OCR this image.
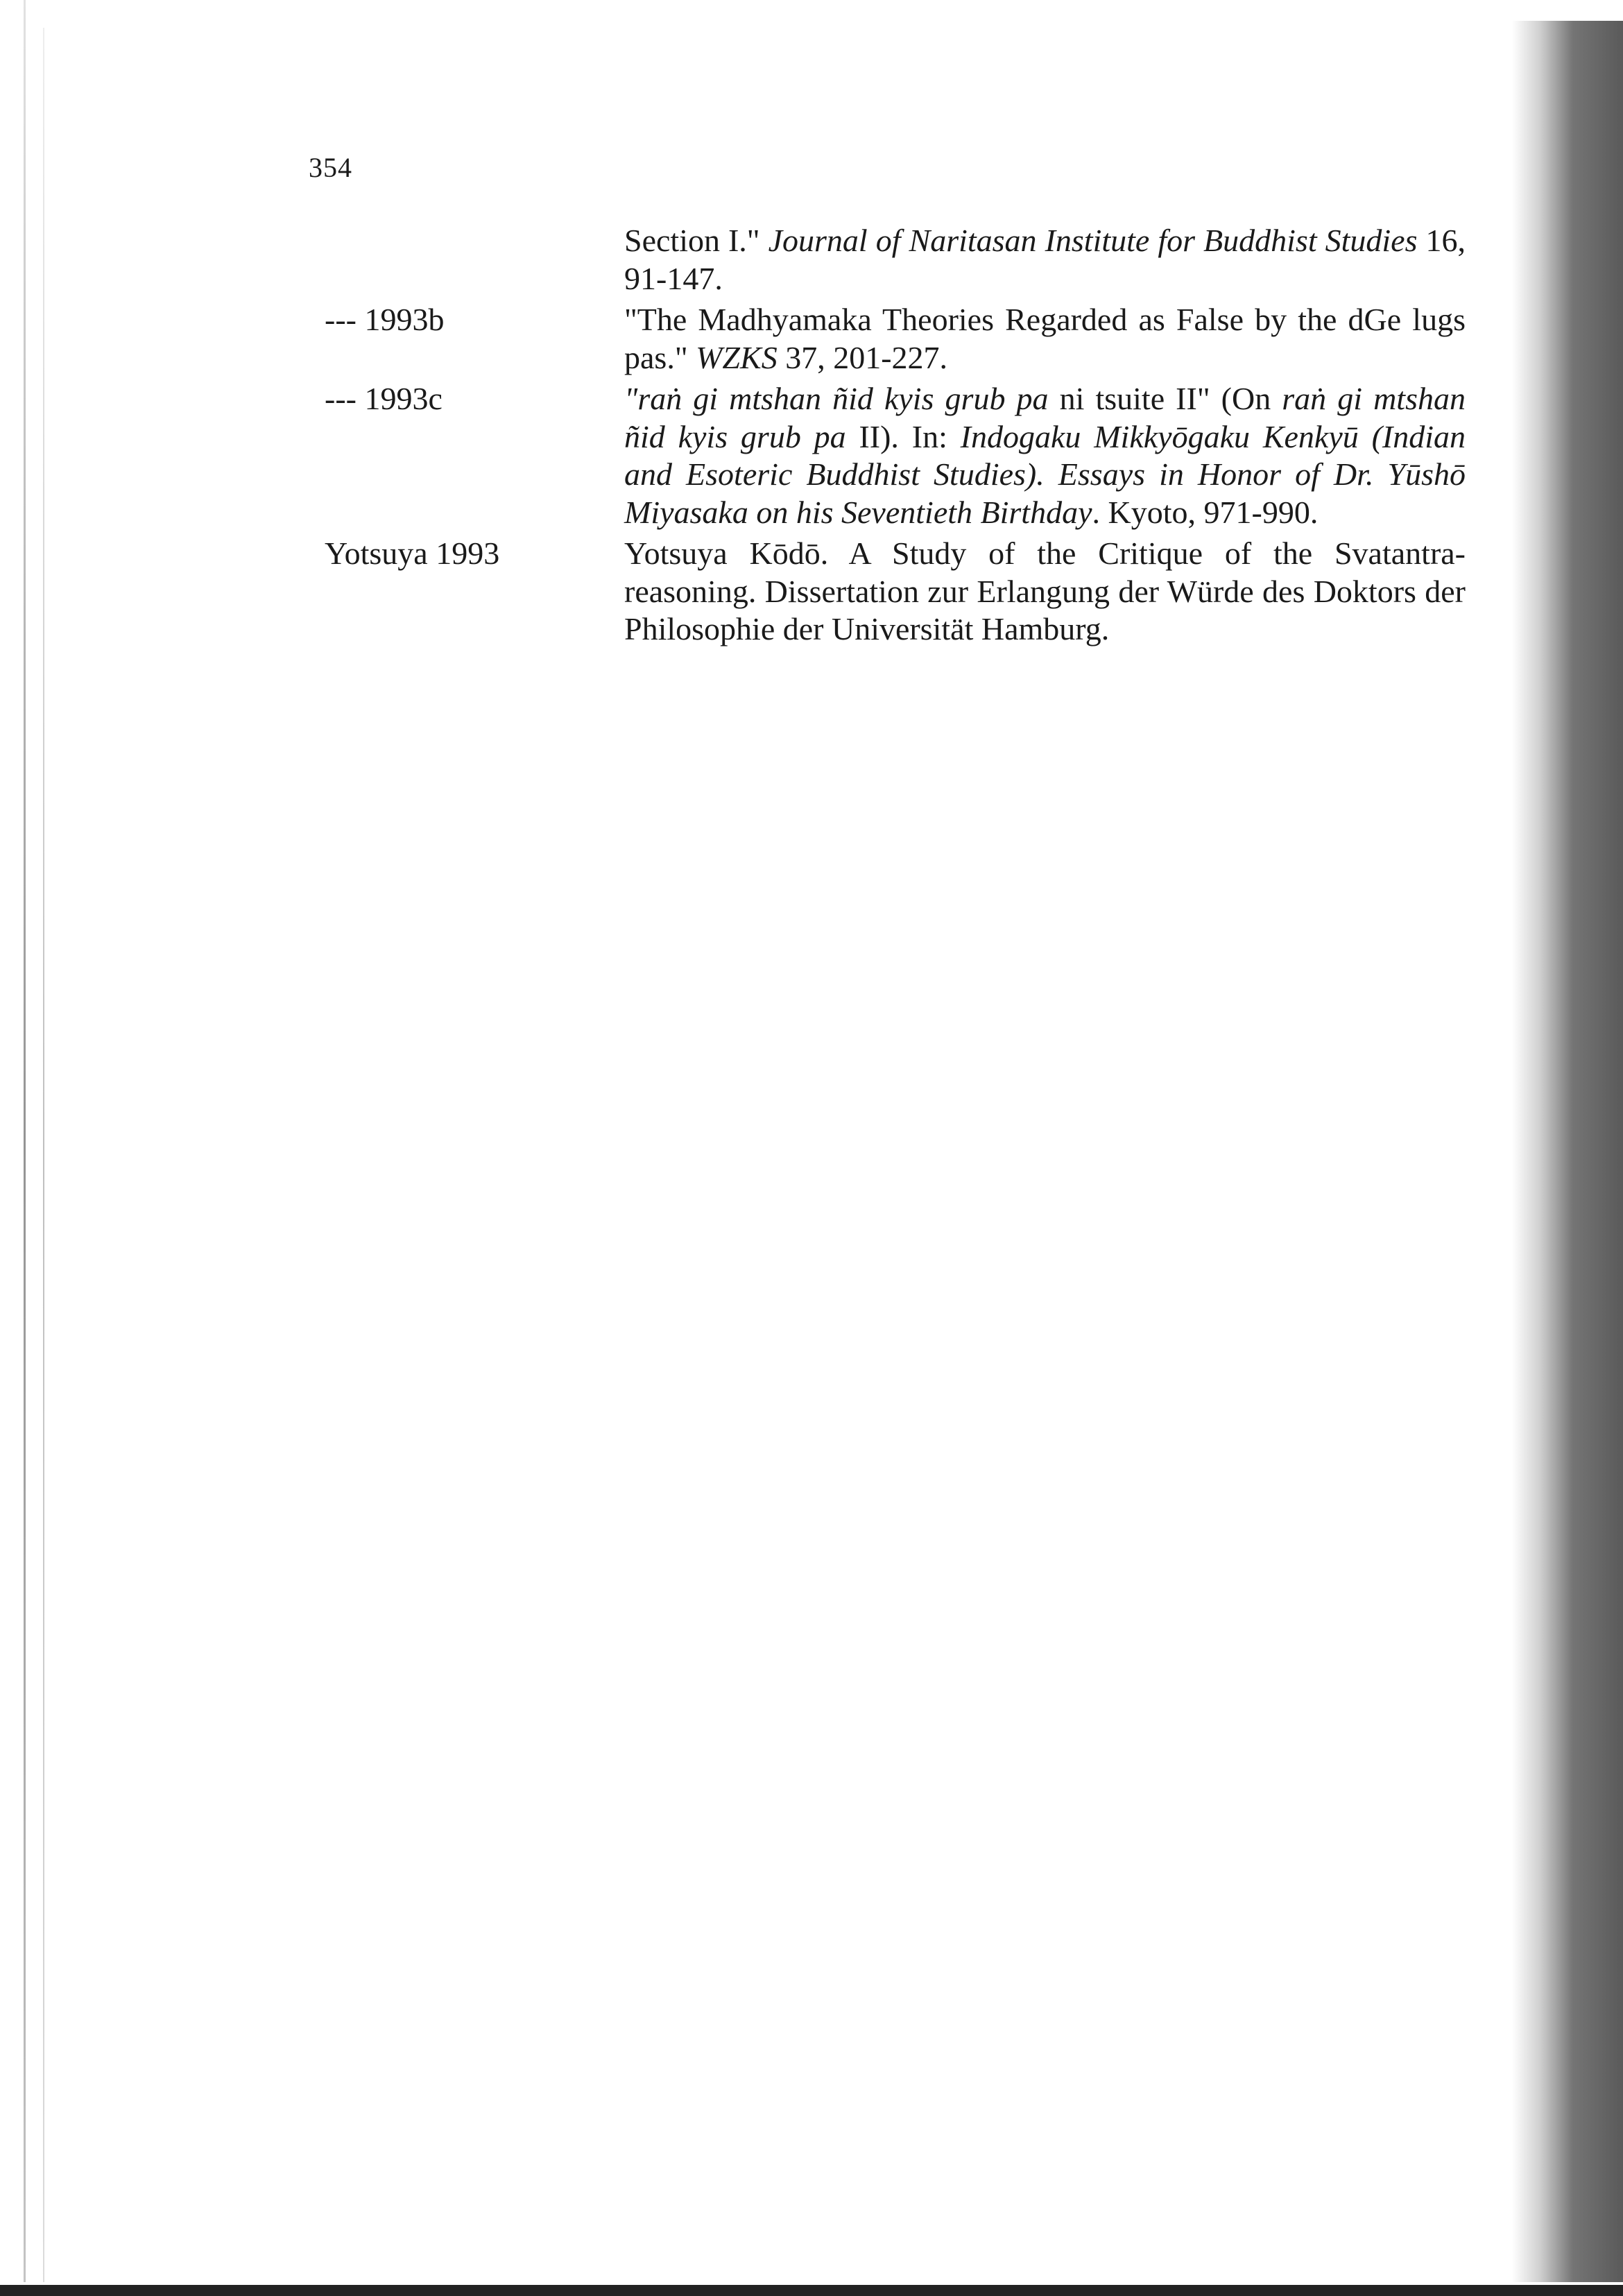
354
Section I." Journal of Naritasan Institute for Buddhist Studies 16, 91-147.
--- 1993b	"The Madhyamaka Theories Regarded as False by the dGe lugs pas." WZKS 37, 201-227.
--- 1993c	"raṅ gi mtshan ñid kyis grub pa ni tsuite II" (On raṅ gi mtshan ñid kyis grub pa II). In: Indogaku Mikkyōgaku Kenkyū (Indian and Esoteric Buddhist Studies). Essays in Honor of Dr. Yūshō Miyasaka on his Seventieth Birthday. Kyoto, 971-990.
Yotsuya 1993	Yotsuya Kōdō. A Study of the Critique of the Svatantra-reasoning. Dissertation zur Erlangung der Würde des Doktors der Philosophie der Universität Hamburg.
